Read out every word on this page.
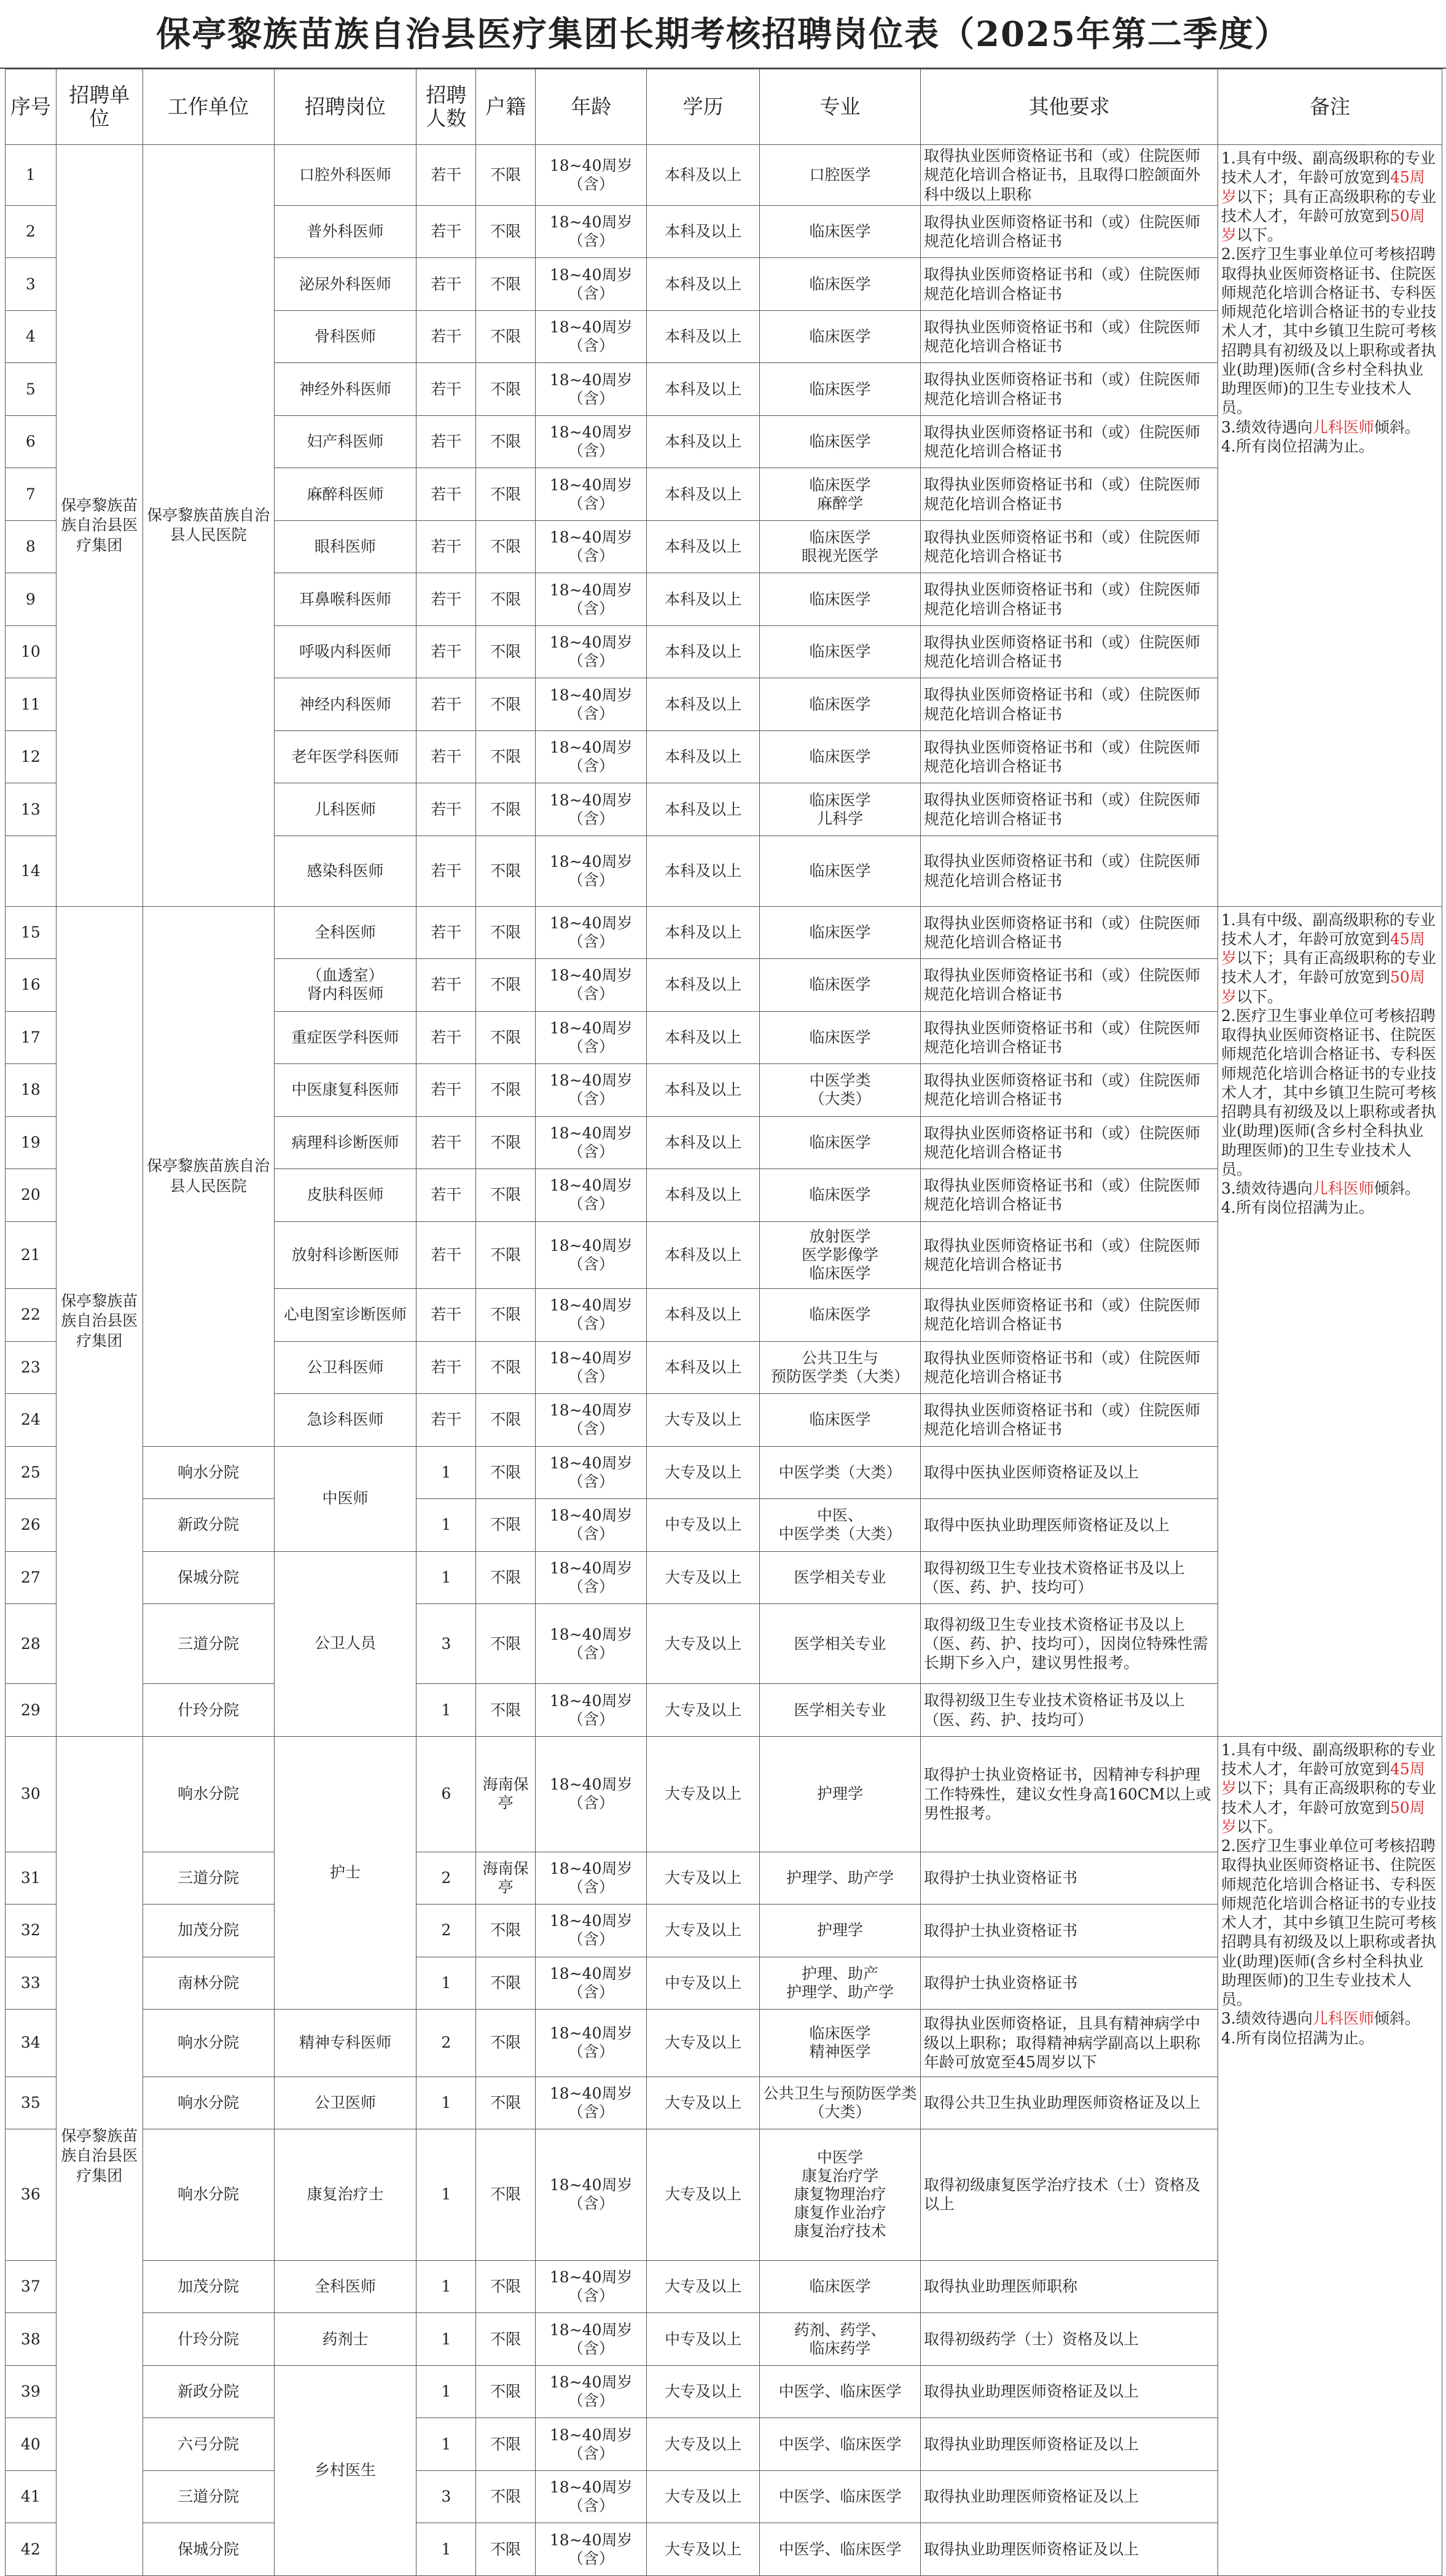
保亭黎族苗族自治县医疗集团长期考核招聘岗位表（2025年第二季度）
序号	招聘单位	工作单位	招聘岗位	招聘人数	户籍	年龄	学历	专业	其他要求	备注
1	保亭黎族苗族自治县医疗集团	保亭黎族苗族自治县人民医院	口腔外科医师	若干	不限	18~40周岁（含）	本科及以上	口腔医学	取得执业医师资格证书和（或）住院医师规范化培训合格证书，且取得口腔颌面外科中级以上职称	1.具有中级、副高级职称的专业技术人才，年龄可放宽到45周岁以下；具有正高级职称的专业技术人才，年龄可放宽到50周岁以下。

2.医疗卫生事业单位可考核招聘取得执业医师资格证书、住院医师规范化培训合格证书、专科医师规范化培训合格证书的专业技术人才，其中乡镇卫生院可考核招聘具有初级及以上职称或者执业(助理)医师(含乡村全科执业助理医师)的卫生专业技术人员。

3.绩效待遇向儿科医师倾斜。

4.所有岗位招满为止。

2			普外科医师	若干	不限	18~40周岁（含）	本科及以上	临床医学	取得执业医师资格证书和（或）住院医师规范化培训合格证书	
3			泌尿外科医师	若干	不限	18~40周岁（含）	本科及以上	临床医学	取得执业医师资格证书和（或）住院医师规范化培训合格证书	
4			骨科医师	若干	不限	18~40周岁（含）	本科及以上	临床医学	取得执业医师资格证书和（或）住院医师规范化培训合格证书	
5			神经外科医师	若干	不限	18~40周岁（含）	本科及以上	临床医学	取得执业医师资格证书和（或）住院医师规范化培训合格证书	
6			妇产科医师	若干	不限	18~40周岁（含）	本科及以上	临床医学	取得执业医师资格证书和（或）住院医师规范化培训合格证书	
7			麻醉科医师	若干	不限	18~40周岁（含）	本科及以上	临床医学
麻醉学	取得执业医师资格证书和（或）住院医师规范化培训合格证书	
8			眼科医师	若干	不限	18~40周岁（含）	本科及以上	临床医学
眼视光医学	取得执业医师资格证书和（或）住院医师规范化培训合格证书	
9			耳鼻喉科医师	若干	不限	18~40周岁（含）	本科及以上	临床医学	取得执业医师资格证书和（或）住院医师规范化培训合格证书	
10			呼吸内科医师	若干	不限	18~40周岁（含）	本科及以上	临床医学	取得执业医师资格证书和（或）住院医师规范化培训合格证书	
11			神经内科医师	若干	不限	18~40周岁（含）	本科及以上	临床医学	取得执业医师资格证书和（或）住院医师规范化培训合格证书	
12			老年医学科医师	若干	不限	18~40周岁（含）	本科及以上	临床医学	取得执业医师资格证书和（或）住院医师规范化培训合格证书	
13			儿科医师	若干	不限	18~40周岁（含）	本科及以上	临床医学
儿科学	取得执业医师资格证书和（或）住院医师规范化培训合格证书	
14			感染科医师	若干	不限	18~40周岁（含）	本科及以上	临床医学	取得执业医师资格证书和（或）住院医师规范化培训合格证书	
15	保亭黎族苗族自治县医疗集团	保亭黎族苗族自治县人民医院	全科医师	若干	不限	18~40周岁（含）	本科及以上	临床医学	取得执业医师资格证书和（或）住院医师规范化培训合格证书	1.具有中级、副高级职称的专业技术人才，年龄可放宽到45周岁以下；具有正高级职称的专业技术人才，年龄可放宽到50周岁以下。

2.医疗卫生事业单位可考核招聘取得执业医师资格证书、住院医师规范化培训合格证书、专科医师规范化培训合格证书的专业技术人才，其中乡镇卫生院可考核招聘具有初级及以上职称或者执业(助理)医师(含乡村全科执业助理医师)的卫生专业技术人员。

3.绩效待遇向儿科医师倾斜。

4.所有岗位招满为止。

16			（血透室）
肾内科医师	若干	不限	18~40周岁（含）	本科及以上	临床医学	取得执业医师资格证书和（或）住院医师规范化培训合格证书	
17			重症医学科医师	若干	不限	18~40周岁（含）	本科及以上	临床医学	取得执业医师资格证书和（或）住院医师规范化培训合格证书	
18			中医康复科医师	若干	不限	18~40周岁（含）	本科及以上	中医学类
（大类）	取得执业医师资格证书和（或）住院医师规范化培训合格证书	
19			病理科诊断医师	若干	不限	18~40周岁（含）	本科及以上	临床医学	取得执业医师资格证书和（或）住院医师规范化培训合格证书	
20			皮肤科医师	若干	不限	18~40周岁（含）	本科及以上	临床医学	取得执业医师资格证书和（或）住院医师规范化培训合格证书	
21			放射科诊断医师	若干	不限	18~40周岁（含）	本科及以上	放射医学
医学影像学
临床医学	取得执业医师资格证书和（或）住院医师规范化培训合格证书	
22			心电图室诊断医师	若干	不限	18~40周岁（含）	本科及以上	临床医学	取得执业医师资格证书和（或）住院医师规范化培训合格证书	
23			公卫科医师	若干	不限	18~40周岁（含）	本科及以上	公共卫生与
预防医学类（大类）	取得执业医师资格证书和（或）住院医师规范化培训合格证书	
24			急诊科医师	若干	不限	18~40周岁（含）	大专及以上	临床医学	取得执业医师资格证书和（或）住院医师规范化培训合格证书	
25		响水分院	中医师	1	不限	18~40周岁（含）	大专及以上	中医学类（大类）	取得中医执业医师资格证及以上	
26		新政分院		1	不限	18~40周岁（含）	中专及以上	中医、
中医学类（大类）	取得中医执业助理医师资格证及以上	
27		保城分院	公卫人员	1	不限	18~40周岁（含）	大专及以上	医学相关专业	取得初级卫生专业技术资格证书及以上（医、药、护、技均可）	
28		三道分院		3	不限	18~40周岁（含）	大专及以上	医学相关专业	取得初级卫生专业技术资格证书及以上（医、药、护、技均可），因岗位特殊性需长期下乡入户，建议男性报考。	
29		什玲分院		1	不限	18~40周岁（含）	大专及以上	医学相关专业	取得初级卫生专业技术资格证书及以上（医、药、护、技均可）	
30	保亭黎族苗族自治县医疗集团	响水分院	护士	6	海南保亭	18~40周岁（含）	大专及以上	护理学	取得护士执业资格证书，因精神专科护理工作特殊性，建议女性身高160CM以上或男性报考。	1.具有中级、副高级职称的专业技术人才，年龄可放宽到45周岁以下；具有正高级职称的专业技术人才，年龄可放宽到50周岁以下。

2.医疗卫生事业单位可考核招聘取得执业医师资格证书、住院医师规范化培训合格证书、专科医师规范化培训合格证书的专业技术人才，其中乡镇卫生院可考核招聘具有初级及以上职称或者执业(助理)医师(含乡村全科执业助理医师)的卫生专业技术人员。

3.绩效待遇向儿科医师倾斜。

4.所有岗位招满为止。

31		三道分院		2	海南保亭	18~40周岁（含）	大专及以上	护理学、助产学	取得护士执业资格证书	
32		加茂分院		2	不限	18~40周岁（含）	大专及以上	护理学	取得护士执业资格证书	
33		南林分院		1	不限	18~40周岁（含）	中专及以上	护理、助产
护理学、助产学	取得护士执业资格证书	
34		响水分院	精神专科医师	2	不限	18~40周岁（含）	大专及以上	临床医学
精神医学	取得执业医师资格证，且具有精神病学中级以上职称；取得精神病学副高以上职称年龄可放宽至45周岁以下	
35		响水分院	公卫医师	1	不限	18~40周岁（含）	大专及以上	公共卫生与预防医学类（大类）	取得公共卫生执业助理医师资格证及以上	
36		响水分院	康复治疗士	1	不限	18~40周岁（含）	大专及以上	中医学
康复治疗学
康复物理治疗
康复作业治疗
康复治疗技术	取得初级康复医学治疗技术（士）资格及以上	
37		加茂分院	全科医师	1	不限	18~40周岁（含）	大专及以上	临床医学	取得执业助理医师职称	
38		什玲分院	药剂士	1	不限	18~40周岁（含）	中专及以上	药剂、药学、
临床药学	取得初级药学（士）资格及以上	
39		新政分院	乡村医生	1	不限	18~40周岁（含）	大专及以上	中医学、临床医学	取得执业助理医师资格证及以上	
40		六弓分院		1	不限	18~40周岁（含）	大专及以上	中医学、临床医学	取得执业助理医师资格证及以上	
41		三道分院		3	不限	18~40周岁（含）	大专及以上	中医学、临床医学	取得执业助理医师资格证及以上	
42		保城分院		1	不限	18~40周岁（含）	大专及以上	中医学、临床医学	取得执业助理医师资格证及以上	
